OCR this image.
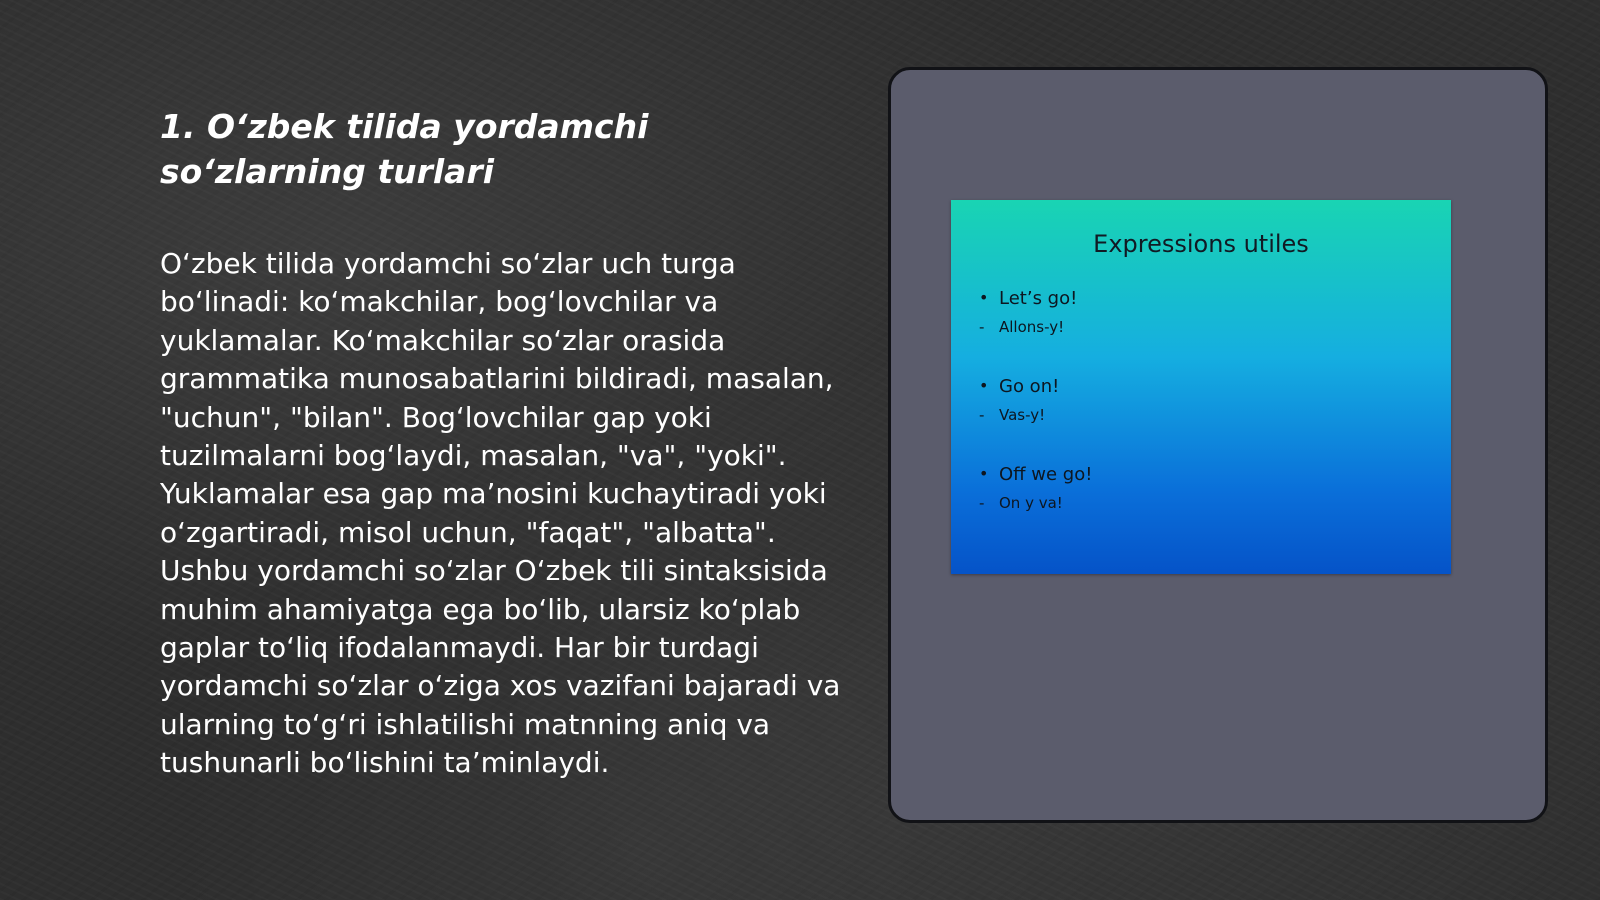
1. O‘zbek tilida yordamchi so‘zlarning turlari

O‘zbek tilida yordamchi so‘zlar uch turga bo‘linadi: ko‘makchilar, bog‘lovchilar va yuklamalar. Ko‘makchilar so‘zlar orasida grammatika munosabatlarini bildiradi, masalan, "uchun", "bilan". Bog‘lovchilar gap yoki tuzilmalarni bog‘laydi, masalan, "va", "yoki". Yuklamalar esa gap ma’nosini kuchaytiradi yoki o‘zgartiradi, misol uchun, "faqat", "albatta". Ushbu yordamchi so‘zlar O‘zbek tili sintaksisida muhim ahamiyatga ega bo‘lib, ularsiz ko‘plab gaplar to‘liq ifodalanmaydi. Har bir turdagi yordamchi so‘zlar o‘ziga xos vazifani bajaradi va ularning to‘g‘ri ishlatilishi matnning aniq va tushunarli bo‘lishini ta’minlaydi.

Expressions utiles
• Let’s go!
- Allons-y!
• Go on!
- Vas-y!
• Off we go!
- On y va!
